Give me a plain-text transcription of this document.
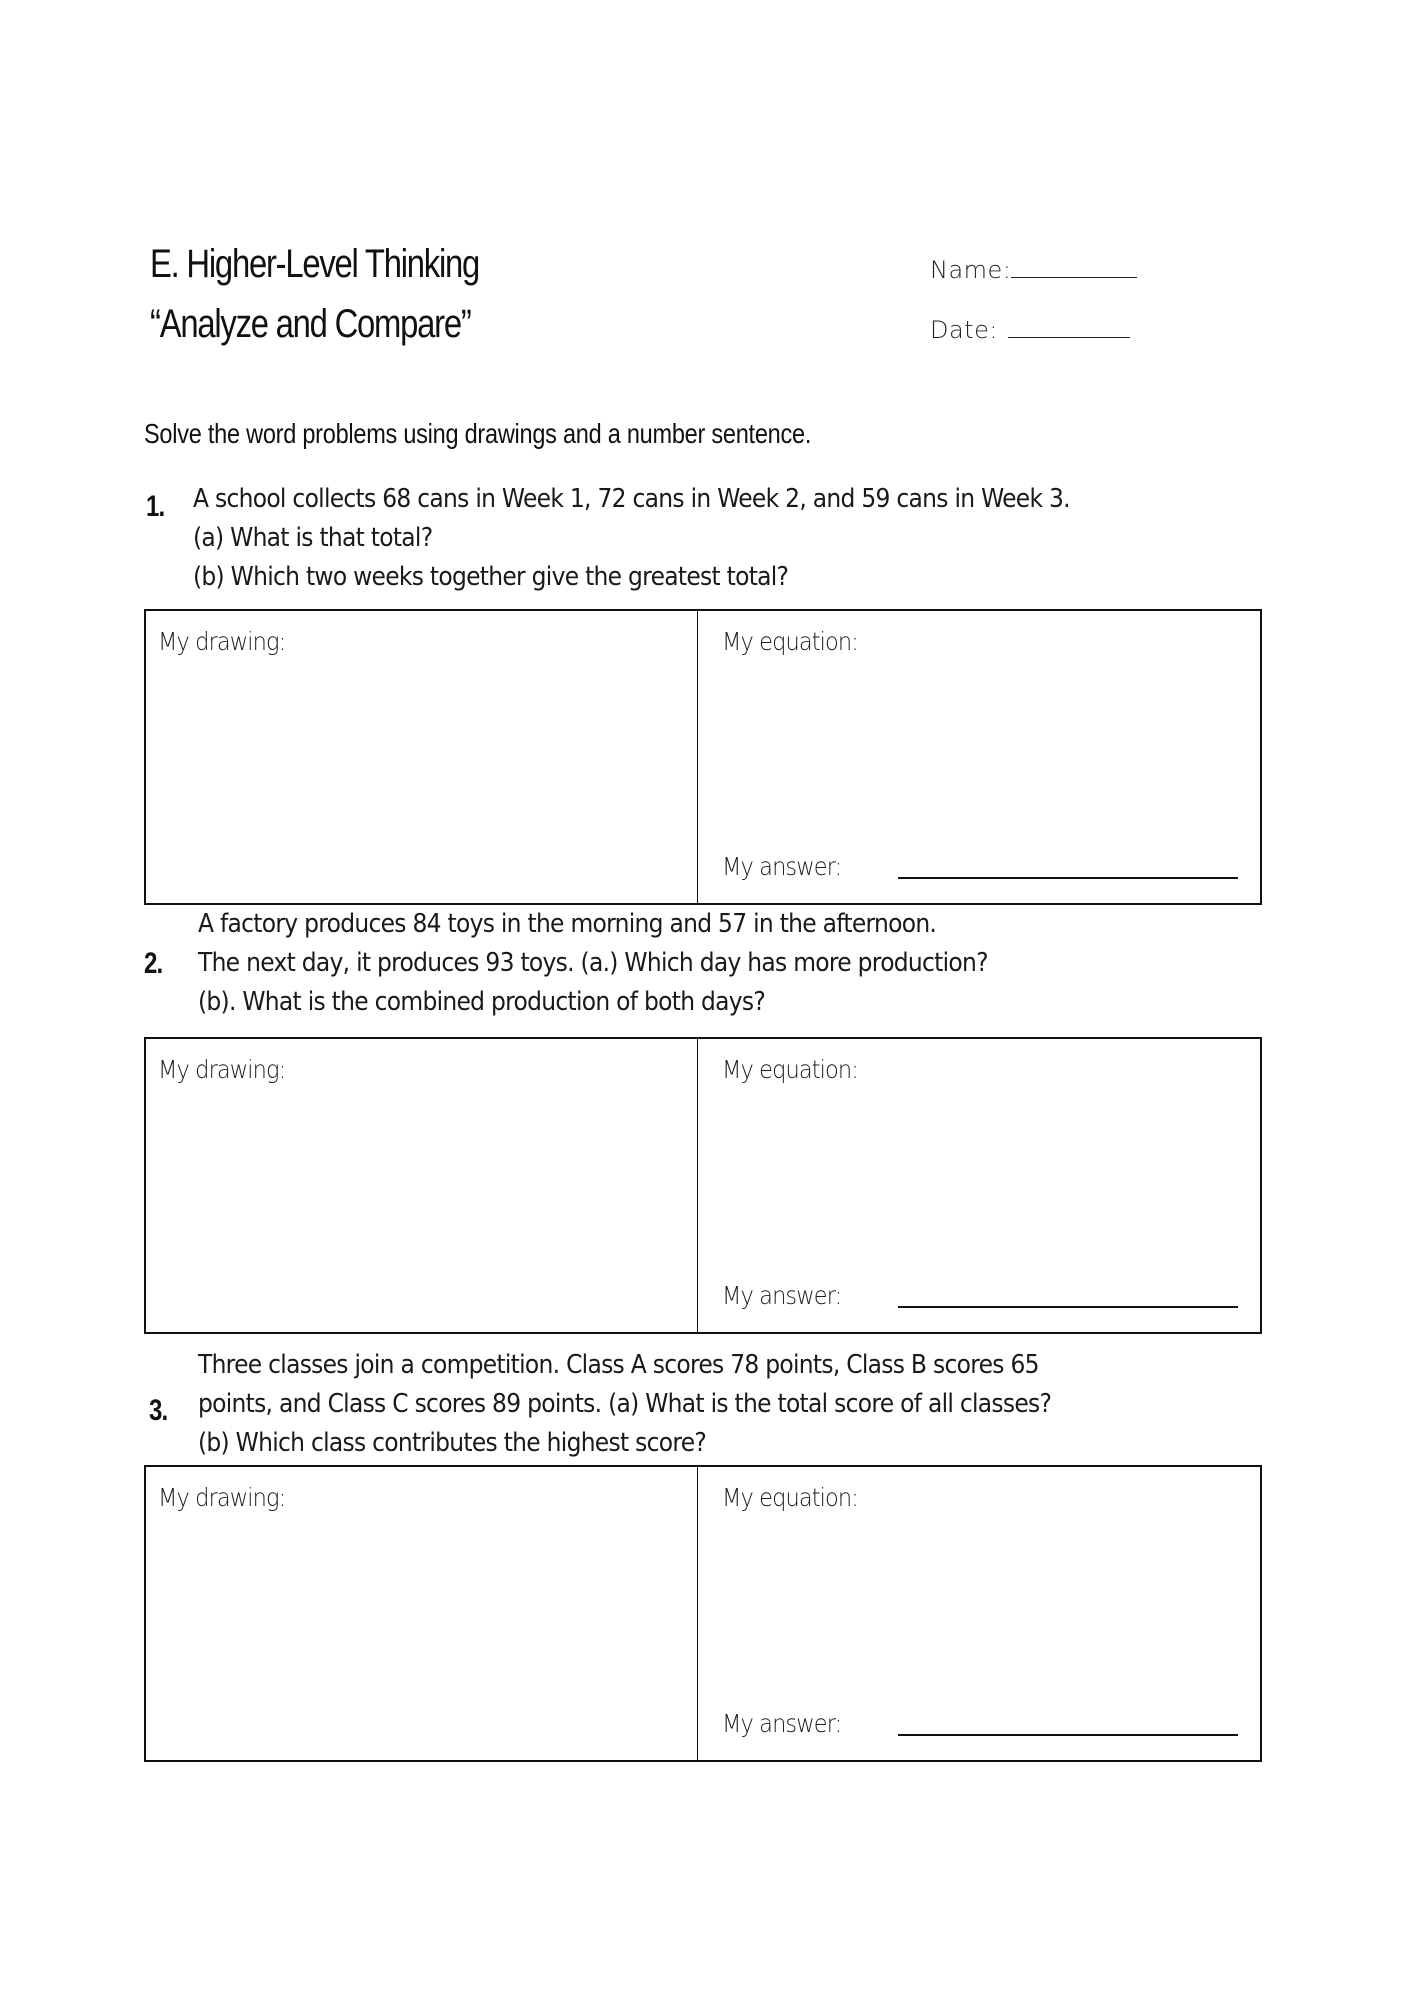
E. Higher-Level Thinking
“Analyze and Compare”
Name:
Date:
Solve the word problems using drawings and a number sentence.
1. A school collects 68 cans in Week 1, 72 cans in Week 2, and 59 cans in Week 3.
(a) What is that total?
(b) Which two weeks together give the greatest total?
My drawing:	My equation:
My answer:
2.
A factory produces 84 toys in the morning and 57 in the afternoon.
The next day, it produces 93 toys. (a.) Which day has more production?
(b). What is the combined production of both days?
My drawing:	My equation:
My answer:
3.
Three classes join a competition. Class A scores 78 points, Class B scores 65
points, and Class C scores 89 points. (a) What is the total score of all classes?
(b) Which class contributes the highest score?
My drawing:	My equation:
My answer:
